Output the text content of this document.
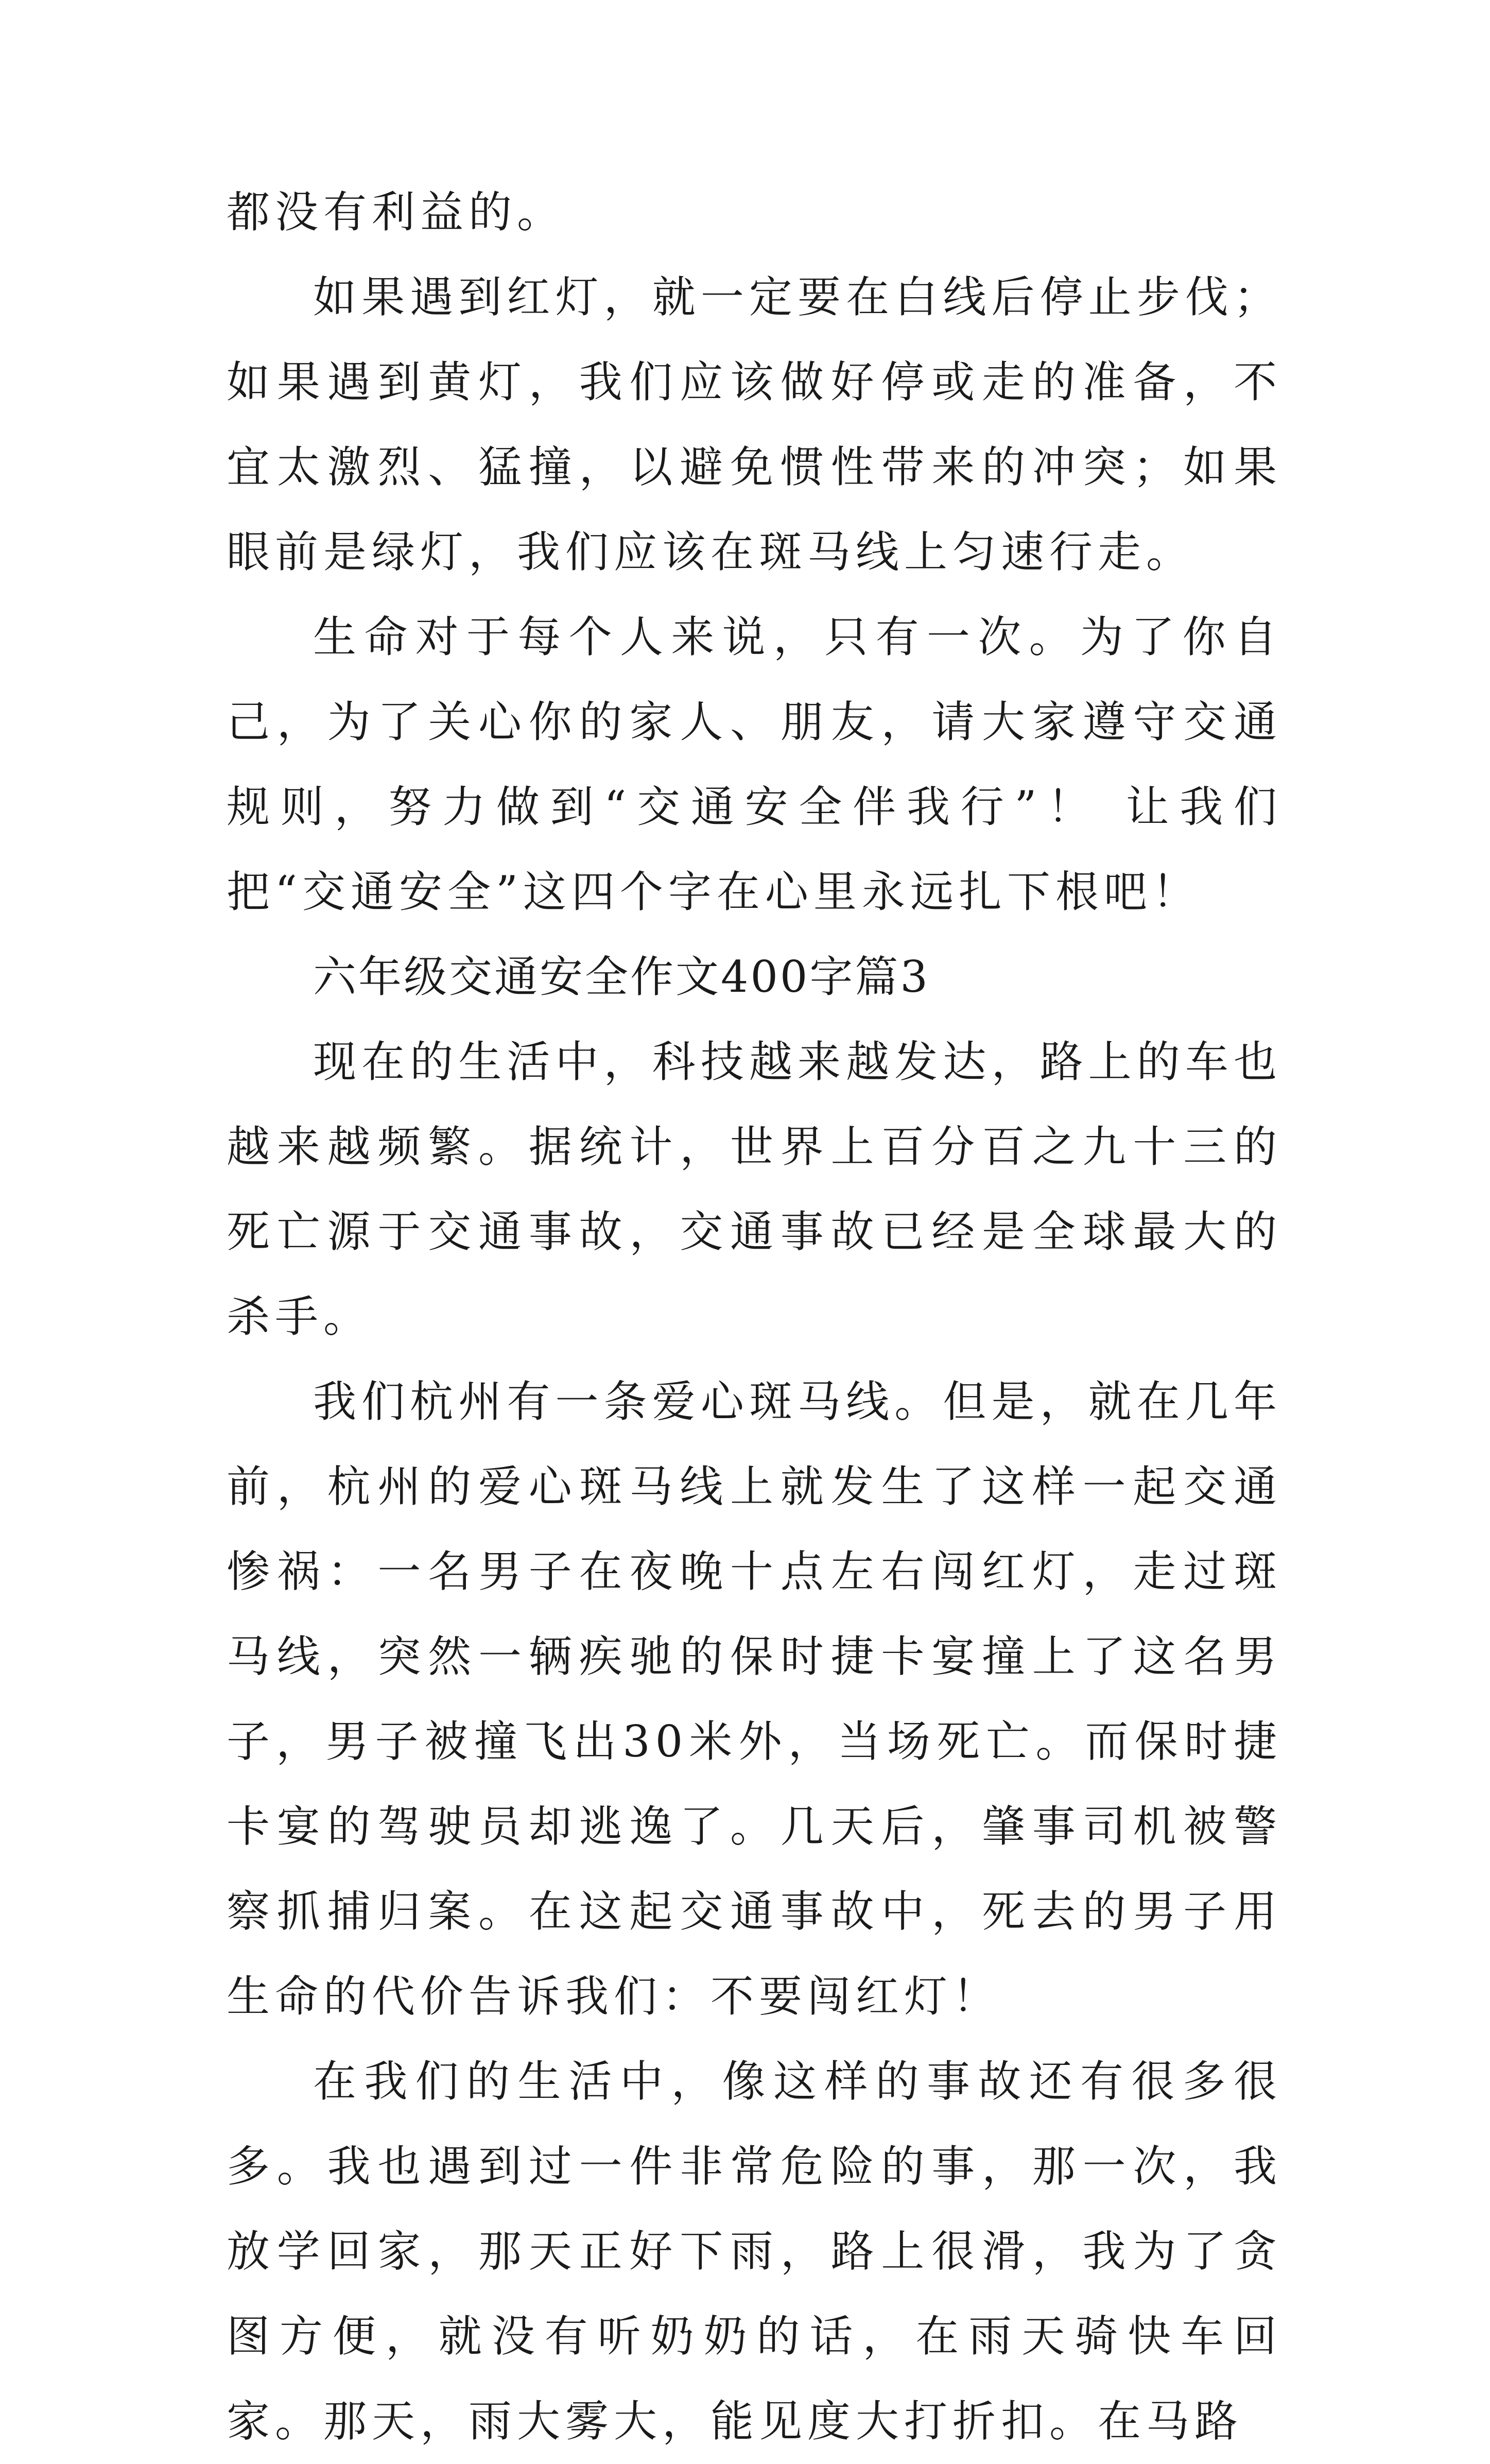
都没有利益的。

如果遇到红灯，就一定要在白线后停止步伐；如果遇到黄灯，我们应该做好停或走的准备，不宜太激烈、猛撞，以避免惯性带来的冲突；如果眼前是绿灯，我们应该在斑马线上匀速行走。

生命对于每个人来说，只有一次。为了你自己，为了关心你的家人、朋友，请大家遵守交通规则，努力做到“交通安全伴我行”！ 让我们把“交通安全”这四个字在心里永远扎下根吧！

六年级交通安全作文400字篇3

现在的生活中，科技越来越发达，路上的车也越来越频繁。据统计，世界上百分百之九十三的死亡源于交通事故，交通事故已经是全球最大的杀手。

我们杭州有一条爱心斑马线。但是，就在几年前，杭州的爱心斑马线上就发生了这样一起交通惨祸：一名男子在夜晚十点左右闯红灯，走过斑马线，突然一辆疾驰的保时捷卡宴撞上了这名男子，男子被撞飞出30米外，当场死亡。而保时捷卡宴的驾驶员却逃逸了。几天后，肇事司机被警察抓捕归案。在这起交通事故中，死去的男子用生命的代价告诉我们：不要闯红灯！

在我们的生活中，像这样的事故还有很多很多。我也遇到过一件非常危险的事，那一次，我放学回家，那天正好下雨，路上很滑，我为了贪图方便，就没有听奶奶的话，在雨天骑快车回家。那天，雨大雾大，能见度大打折扣。在马路
